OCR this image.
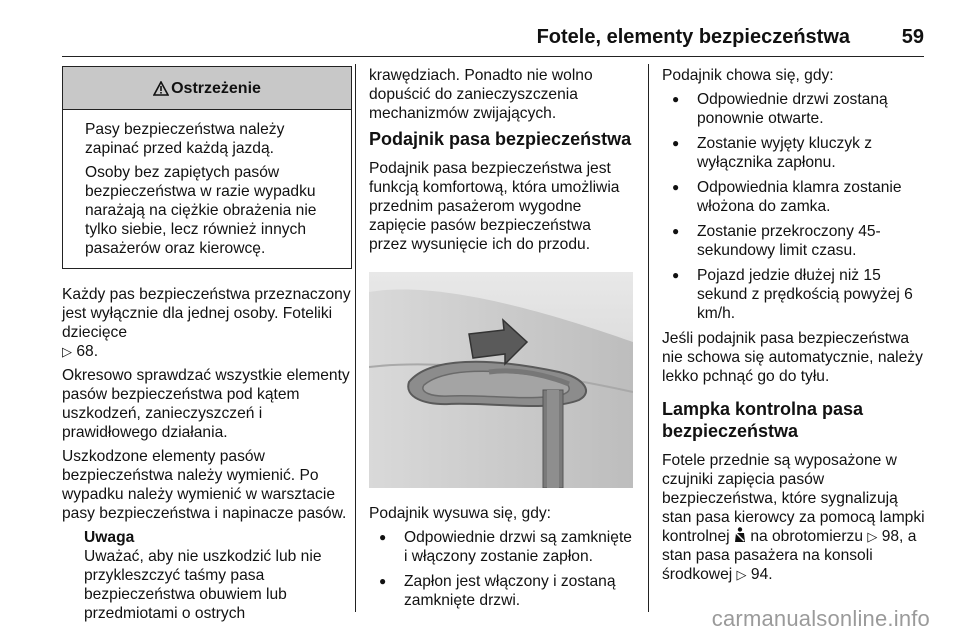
Fotele, elementy bezpieczeństwa	59
Ostrzeżenie

Pasy bezpieczeństwa należy zapinać przed każdą jazdą.

Osoby bez zapiętych pasów bezpieczeństwa w razie wypadku narażają na ciężkie obrażenia nie tylko siebie, lecz również innych pasażerów oraz kierowcę.

Każdy pas bezpieczeństwa przeznaczony jest wyłącznie dla jednej osoby. Foteliki dziecięce
▷ 68.

Okresowo sprawdzać wszystkie elementy pasów bezpieczeństwa pod kątem uszkodzeń, zanieczyszczeń i prawidłowego działania.

Uszkodzone elementy pasów bezpieczeństwa należy wymienić. Po wypadku należy wymienić w warsztacie pasy bezpieczeństwa i napinacze pasów.

Uwaga
Uważać, aby nie uszkodzić lub nie przykleszczyć taśmy pasa bezpieczeństwa obuwiem lub przedmiotami o ostrych

krawędziach. Ponadto nie wolno dopuścić do zanieczyszczenia mechanizmów zwijających.

Podajnik pasa bezpieczeństwa

Podajnik pasa bezpieczeństwa jest funkcją komfortową, która umożliwia przednim pasażerom wygodne zapięcie pasów bezpieczeństwa przez wysunięcie ich do przodu.

Podajnik wysuwa się, gdy:

● Odpowiednie drzwi są zamknięte i włączony zostanie zapłon.
● Zapłon jest włączony i zostaną zamknięte drzwi.

Podajnik chowa się, gdy:

● Odpowiednie drzwi zostaną ponownie otwarte.
● Zostanie wyjęty kluczyk z wyłącznika zapłonu.
● Odpowiednia klamra zostanie włożona do zamka.
● Zostanie przekroczony 45-sekundowy limit czasu.
● Pojazd jedzie dłużej niż 15 sekund z prędkością powyżej 6 km/h.

Jeśli podajnik pasa bezpieczeństwa nie schowa się automatycznie, należy lekko pchnąć go do tyłu.

Lampka kontrolna pasa bezpieczeństwa

Fotele przednie są wyposażone w czujniki zapięcia pasów bezpieczeństwa, które sygnalizują stan pasa kierowcy za pomocą lampki kontrolnej na obrotomierzu ▷ 98, a stan pasa pasażera na konsoli środkowej ▷ 94.

carmanualsonline.info
